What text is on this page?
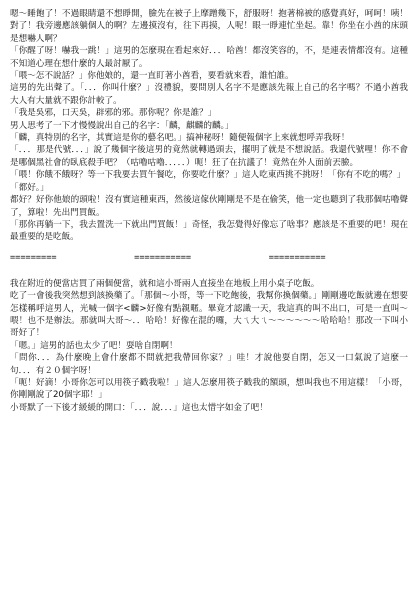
嗯～睡飽了！不過眼睛還不想睜開，臉先在被子上摩蹭幾下，舒服呀！抱著棉被的感覺真好，呵呵！咦！對了！我旁邊應該躺個人的啊？左邊摸沒有，往下再摸，人呢！眼一睜連忙坐起。靠！你坐在小酋的床頭是想嚇人啊？

「你醒了呀！嚇我一跳！」這男的怎麼現在看起來好．．．哈酋！都沒笑容的，不，是連表情都沒有。這種不知道心理在想什麼的人最討厭了。

「喂～怎不說話？」你他娘的，還一直盯著小酋看，要看就來看，誰怕誰。

這男的先出聲了。「．．．你叫什麼？」沒禮貌，要問別人名字不是應該先報上自己的名字嗎？不過小酋我大人有大量就不跟你計較了。

「我是吳邪，口天吳，辟邪的邪。那你呢？你是誰？」

男人思考了一下才慢慢說出自己的名字：「麟，麒麟的麟。」

「麟，真特別的名字，其實這是你的藝名吧。」搞神秘呀！隨便報個字上來就想呼弄我呀！

「．．．那是代號．．．」說了幾個字後這男的竟然就轉過頭去，擺明了就是不想說話。我還代號哩！你不會是哪個黑社會的臥底殺手吧？（咕嚕咕嚕．．．．．）呃！狂了在抗議了！竟然在外人面前丟臉。

「喂！你餓不餓呀？等一下我要去買午餐吃，你要吃什麼？」這人吃東西挑不挑呀！「你有不吃的嗎？」

「都好。」

都好？好你他娘的頭啦！沒有實這種東西，然後這傢伙剛剛是不是在偷笑，他一定也聽到了我那個咕嚕聲了，算啦！先出門買飯。

「那你再躺一下，我去置洗一下就出門買飯！」奇怪，我怎覺得好像忘了啥事？應該是不重要的吧！現在最重要的是吃飯。

=========               ===========               ===========

我在附近的便當店買了兩個便當，就和這小哥兩人直接坐在地板上用小桌子吃飯。

吃了一會後我突然想到該換藥了。「那個～小哥，等一下吃飽後，我幫你換個藥。」剛剛邊吃飯就邊在想要怎樣稱呼這男人，光喊一個字<麟>好像有點親暱。畢竟才認識一天，我這真的叫不出口，可是一直叫～喂！也不是辦法。那就叫大哥～．．哈哈！好像在混的囉，大ㄟ大ㄟ～～～～～～哈哈哈！那改一下叫小哥好了！

「嗯。」這男的話也太少了吧！耍啥自閉啊！

「問你．．．為什麼晚上會什麼都不問就把我帶回你家？」哇！才說他耍自閉，怎又一口氣說了這麼一句．．．有２０個字呀！

「呃！好滴！小哥你怎可以用筷子戳我啦！」這人怎麼用筷子戳我的額頭，想叫我也不用這樣！「小哥，你剛剛說了20個字耶！」

小哥默了一下後才緩緩的開口：「．．．說．．．」這也太惜字如金了吧！
